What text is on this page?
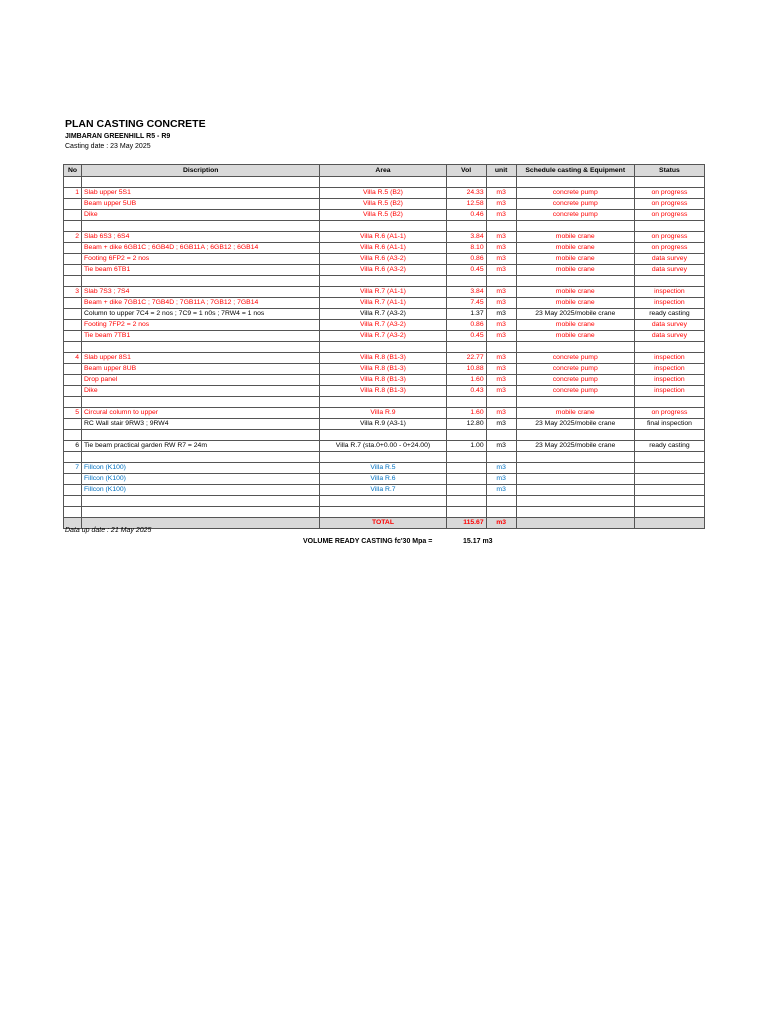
PLAN CASTING CONCRETE
JIMBARAN GREENHILL R5 - R9
Casting date : 23 May 2025
No	Discription	Area	Vol	unit	Schedule casting & Equipment	Status

1	Slab upper 5S1	Villa R.5 (B2)	24.33	m3	concrete pump	on progress
	Beam upper 5UB	Villa R.5 (B2)	12.58	m3	concrete pump	on progress
	Dike	Villa R.5 (B2)	0.46	m3	concrete pump	on progress

2	Slab 6S3 ; 6S4	Villa R.6 (A1-1)	3.84	m3	mobile crane	on progress
	Beam + dike 6GB1C ; 6GB4D ; 6GB11A ; 6GB12 ; 6GB14	Villa R.6 (A1-1)	8.10	m3	mobile crane	on progress
	Footing 6FP2 = 2 nos	Villa R.6 (A3-2)	0.86	m3	mobile crane	data survey
	Tie beam 6TB1	Villa R.6 (A3-2)	0.45	m3	mobile crane	data survey

3	Slab 7S3 ; 7S4	Villa R.7 (A1-1)	3.84	m3	mobile crane	inspection
	Beam + dike 7GB1C ; 7GB4D ; 7GB11A ; 7GB12 ; 7GB14	Villa R.7 (A1-1)	7.45	m3	mobile crane	inspection
	Column to upper 7C4 = 2 nos ; 7C9 = 1 n0s ; 7RW4 = 1 nos	Villa R.7 (A3-2)	1.37	m3	23 May 2025/mobile crane	ready casting
	Footing 7FP2 = 2 nos	Villa R.7 (A3-2)	0.86	m3	mobile crane	data survey
	Tie beam 7TB1	Villa R.7 (A3-2)	0.45	m3	mobile crane	data survey

4	Slab upper 8S1	Villa R.8 (B1-3)	22.77	m3	concrete pump	inspection
	Beam upper 8UB	Villa R.8 (B1-3)	10.88	m3	concrete pump	inspection
	Drop panel	Villa R.8 (B1-3)	1.60	m3	concrete pump	inspection
	Dike	Villa R.8 (B1-3)	0.43	m3	concrete pump	inspection

5	Circural column to upper	Villa R.9	1.60	m3	mobile crane	on progress
	RC Wall stair 9RW3 ; 9RW4	Villa R.9 (A3-1)	12.80	m3	23 May 2025/mobile crane	final inspection

6	Tie beam practical garden RW R7 = 24m	Villa R.7 (sta.0+0.00 - 0+24.00)	1.00	m3	23 May 2025/mobile crane	ready casting

7	Fillcon (K100)	Villa R.5		m3		
	Fillcon (K100)	Villa R.6		m3		
	Fillcon (K100)	Villa R.7		m3		

		TOTAL	115.67	m3		
Data up date : 21 May 2025
VOLUME READY CASTING fc'30 Mpa =	15.17 m3
